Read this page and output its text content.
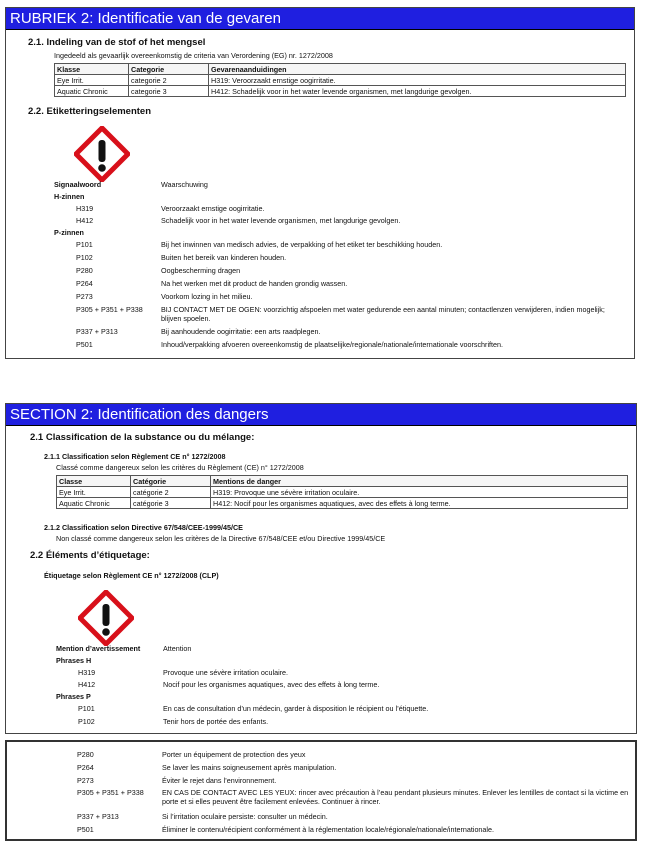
RUBRIEK 2: Identificatie van de gevaren
2.1. Indeling van de stof of het mengsel
Ingedeeld als gevaarlijk overeenkomstig de criteria van Verordening (EG) nr. 1272/2008
Klasse	Categorie	Gevarenaanduidingen
Eye Irrit.	categorie 2	H319: Veroorzaakt ernstige oogirritatie.
Aquatic Chronic	categorie 3	H412: Schadelijk voor in het water levende organismen, met langdurige gevolgen.
2.2. Etiketteringselementen
Signaalwoord	Waarschuwing
H-zinnen
H319	Veroorzaakt ernstige oogirritatie.
H412	Schadelijk voor in het water levende organismen, met langdurige gevolgen.
P-zinnen
P101	Bij het inwinnen van medisch advies, de verpakking of het etiket ter beschikking houden.
P102	Buiten het bereik van kinderen houden.
P280	Oogbescherming dragen
P264	Na het werken met dit product de handen grondig wassen.
P273	Voorkom lozing in het milieu.
P305 + P351 + P338	BIJ CONTACT MET DE OGEN: voorzichtig afspoelen met water gedurende een aantal minuten; contactlenzen verwijderen, indien mogelijk; blijven spoelen.
P337 + P313	Bij aanhoudende oogirritatie: een arts raadplegen.
P501	Inhoud/verpakking afvoeren overeenkomstig de plaatselijke/regionale/nationale/internationale voorschriften.
SECTION 2: Identification des dangers
2.1 Classification de la substance ou du mélange:
2.1.1 Classification selon Règlement CE n° 1272/2008
Classé comme dangereux selon les critères du Règlement (CE) n° 1272/2008
Classe	Catégorie	Mentions de danger
Eye Irrit.	catégorie 2	H319: Provoque une sévère irritation oculaire.
Aquatic Chronic	catégorie 3	H412: Nocif pour les organismes aquatiques, avec des effets à long terme.
2.1.2 Classification selon Directive 67/548/CEE-1999/45/CE
Non classé comme dangereux selon les critères de la Directive 67/548/CEE et/ou Directive 1999/45/CE
2.2 Éléments d’étiquetage:
Étiquetage selon Règlement CE n° 1272/2008 (CLP)
Mention d’avertissement	Attention
Phrases H
H319	Provoque une sévère irritation oculaire.
H412	Nocif pour les organismes aquatiques, avec des effets à long terme.
Phrases P
P101	En cas de consultation d’un médecin, garder à disposition le récipient ou l’étiquette.
P102	Tenir hors de portée des enfants.
P280	Porter un équipement de protection des yeux
P264	Se laver les mains soigneusement après manipulation.
P273	Éviter le rejet dans l’environnement.
P305 + P351 + P338	EN CAS DE CONTACT AVEC LES YEUX: rincer avec précaution à l’eau pendant plusieurs minutes. Enlever les lentilles de contact si la victime en porte et si elles peuvent être facilement enlevées. Continuer à rincer.
P337 + P313	Si l’irritation oculaire persiste: consulter un médecin.
P501	Éliminer le contenu/récipient conformément à la réglementation locale/régionale/nationale/internationale.
